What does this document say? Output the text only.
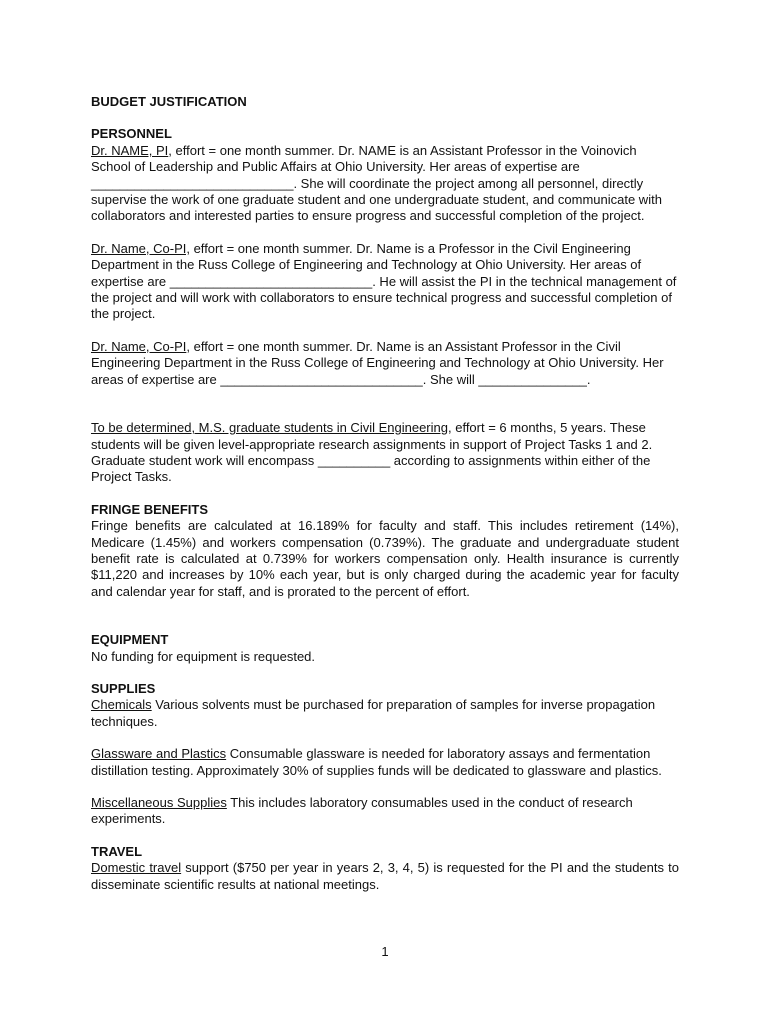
BUDGET JUSTIFICATION

PERSONNEL

Dr. NAME, PI, effort = one month summer. Dr. NAME is an Assistant Professor in the Voinovich School of Leadership and Public Affairs at Ohio University. Her areas of expertise are ____________________________. She will coordinate the project among all personnel, directly supervise the work of one graduate student and one undergraduate student, and communicate with collaborators and interested parties to ensure progress and successful completion of the project.

Dr. Name, Co-PI, effort = one month summer. Dr. Name is a Professor in the Civil Engineering Department in the Russ College of Engineering and Technology at Ohio University. Her areas of expertise are ____________________________. He will assist the PI in the technical management of the project and will work with collaborators to ensure technical progress and successful completion of the project.

Dr. Name, Co-PI, effort = one month summer. Dr. Name is an Assistant Professor in the Civil Engineering Department in the Russ College of Engineering and Technology at Ohio University. Her areas of expertise are ____________________________. She will _______________.

To be determined, M.S. graduate students in Civil Engineering, effort = 6 months, 5 years. These students will be given level-appropriate research assignments in support of Project Tasks 1 and 2. Graduate student work will encompass __________ according to assignments within either of the Project Tasks.

FRINGE BENEFITS

Fringe benefits are calculated at 16.189% for faculty and staff. This includes retirement (14%), Medicare (1.45%) and workers compensation (0.739%). The graduate and undergraduate student benefit rate is calculated at 0.739% for workers compensation only. Health insurance is currently $11,220 and increases by 10% each year, but is only charged during the academic year for faculty and calendar year for staff, and is prorated to the percent of effort.

EQUIPMENT

No funding for equipment is requested.

SUPPLIES

Chemicals Various solvents must be purchased for preparation of samples for inverse propagation techniques.

Glassware and Plastics Consumable glassware is needed for laboratory assays and fermentation distillation testing. Approximately 30% of supplies funds will be dedicated to glassware and plastics.

Miscellaneous Supplies This includes laboratory consumables used in the conduct of research experiments.

TRAVEL

Domestic travel support ($750 per year in years 2, 3, 4, 5) is requested for the PI and the students to disseminate scientific results at national meetings.

1
